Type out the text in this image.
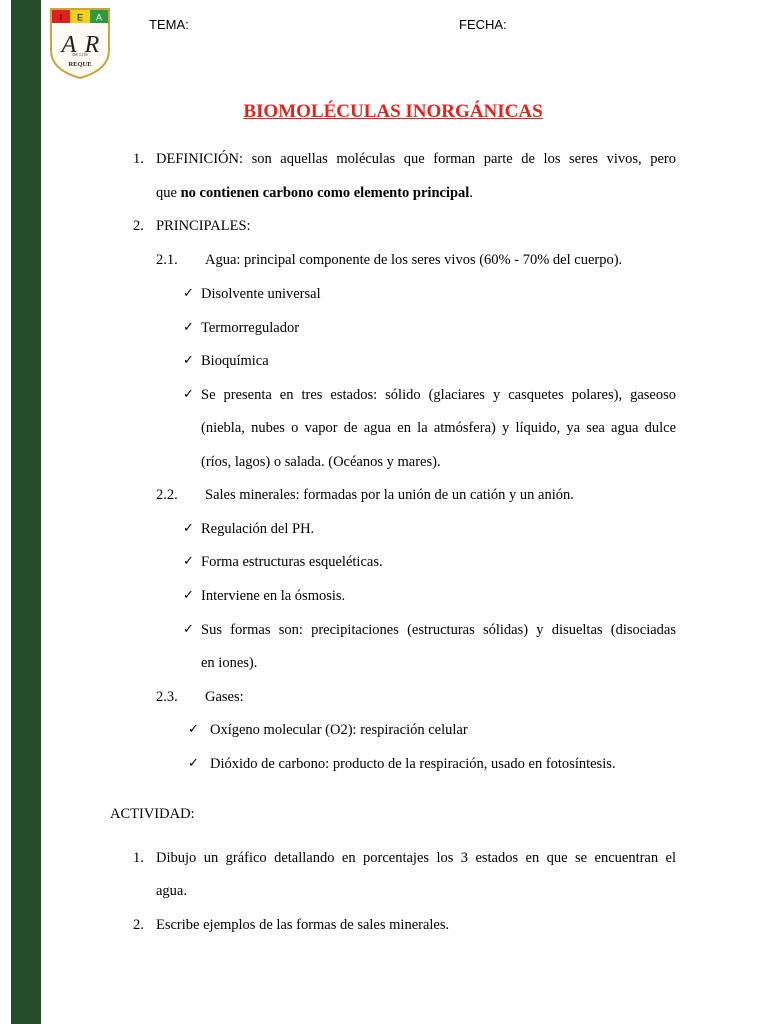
I E A
A R
DE LOS
REQUE
TEMA:	FECHA:
BIOMOLÉCULAS INORGÁNICAS
1. DEFINICIÓN: son aquellas moléculas que forman parte de los seres vivos, pero
que no contienen carbono como elemento principal.
2. PRINCIPALES:
2.1. Agua: principal componente de los seres vivos (60% - 70% del cuerpo).
✓ Disolvente universal
✓ Termorregulador
✓ Bioquímica
✓ Se presenta en tres estados: sólido (glaciares y casquetes polares), gaseoso
(niebla, nubes o vapor de agua en la atmósfera) y líquido, ya sea agua dulce
(ríos, lagos) o salada. (Océanos y mares).
2.2. Sales minerales: formadas por la unión de un catión y un anión.
✓ Regulación del PH.
✓ Forma estructuras esqueléticas.
✓ Interviene en la ósmosis.
✓ Sus formas son: precipitaciones (estructuras sólidas) y disueltas (disociadas
en iones).
2.3. Gases:
✓ Oxígeno molecular (O2): respiración celular
✓ Dióxido de carbono: producto de la respiración, usado en fotosíntesis.
ACTIVIDAD:
1. Dibujo un gráfico detallando en porcentajes los 3 estados en que se encuentran el
agua.
2. Escribe ejemplos de las formas de sales minerales.
